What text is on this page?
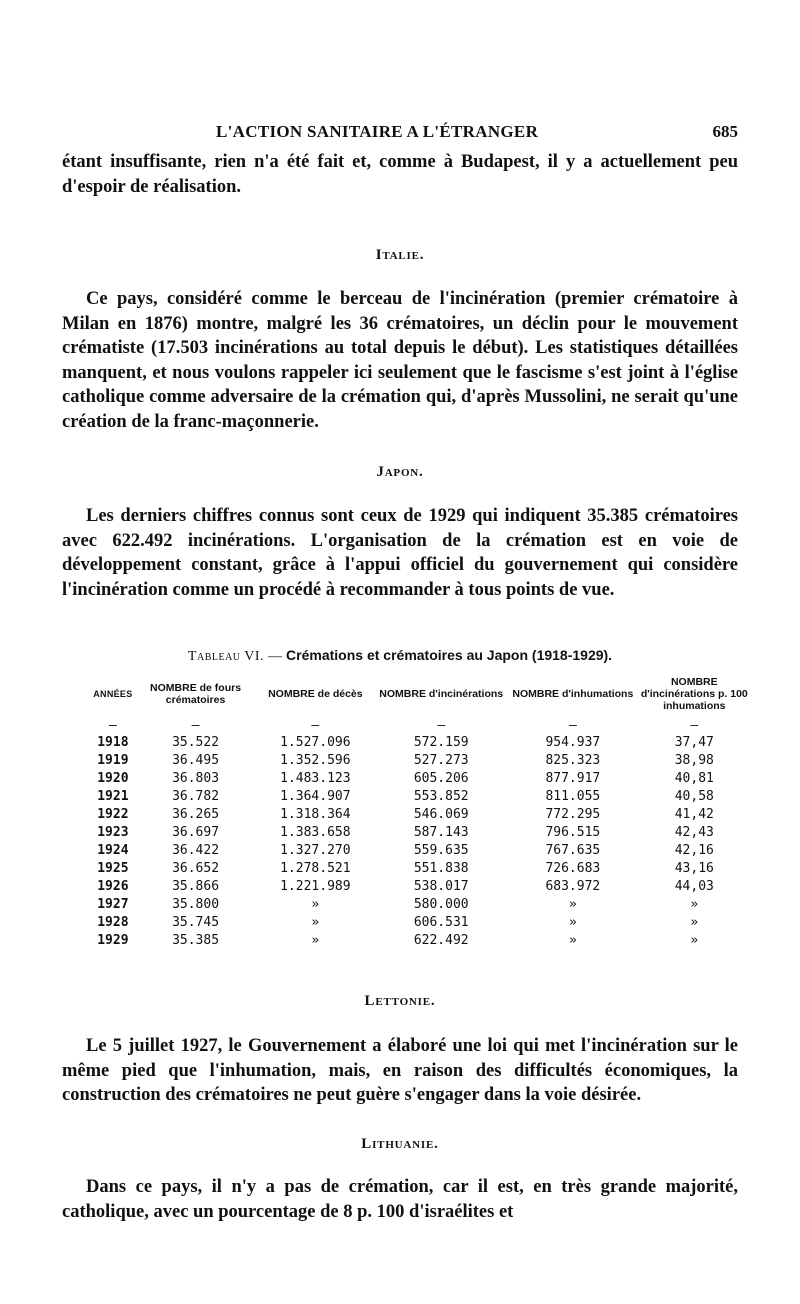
L'ACTION SANITAIRE A L'ÉTRANGER	685

étant insuffisante, rien n'a été fait et, comme à Budapest, il y a actuellement peu d'espoir de réalisation.

Italie.

Ce pays, considéré comme le berceau de l'incinération (premier crématoire à Milan en 1876) montre, malgré les 36 crématoires, un déclin pour le mouvement crématiste (17.503 incinérations au total depuis le début). Les statistiques détaillées manquent, et nous voulons rappeler ici seulement que le fascisme s'est joint à l'église catholique comme adversaire de la crémation qui, d'après Mussolini, ne serait qu'une création de la franc-maçonnerie.

Japon.

Les derniers chiffres connus sont ceux de 1929 qui indiquent 35.385 crématoires avec 622.492 incinérations. L'organisation de la crémation est en voie de développement constant, grâce à l'appui officiel du gouvernement qui considère l'incinération comme un procédé à recommander à tous points de vue.

Tableau VI. — Crémations et crématoires au Japon (1918-1929).
ANNÉES	NOMBRE de fours crématoires	NOMBRE de décès	NOMBRE d'incinérations	NOMBRE d'inhumations	NOMBRE d'incinérations p. 100 inhumations
—	—	—	—	—	—
1918	35.522	1.527.096	572.159	954.937	37,47
1919	36.495	1.352.596	527.273	825.323	38,98
1920	36.803	1.483.123	605.206	877.917	40,81
1921	36.782	1.364.907	553.852	811.055	40,58
1922	36.265	1.318.364	546.069	772.295	41,42
1923	36.697	1.383.658	587.143	796.515	42,43
1924	36.422	1.327.270	559.635	767.635	42,16
1925	36.652	1.278.521	551.838	726.683	43,16
1926	35.866	1.221.989	538.017	683.972	44,03
1927	35.800	»	580.000	»	»
1928	35.745	»	606.531	»	»
1929	35.385	»	622.492	»	»
Lettonie.

Le 5 juillet 1927, le Gouvernement a élaboré une loi qui met l'incinération sur le même pied que l'inhumation, mais, en raison des difficultés économiques, la construction des crématoires ne peut guère s'engager dans la voie désirée.

Lithuanie.

Dans ce pays, il n'y a pas de crémation, car il est, en très grande majorité, catholique, avec un pourcentage de 8 p. 100 d'israélites et
